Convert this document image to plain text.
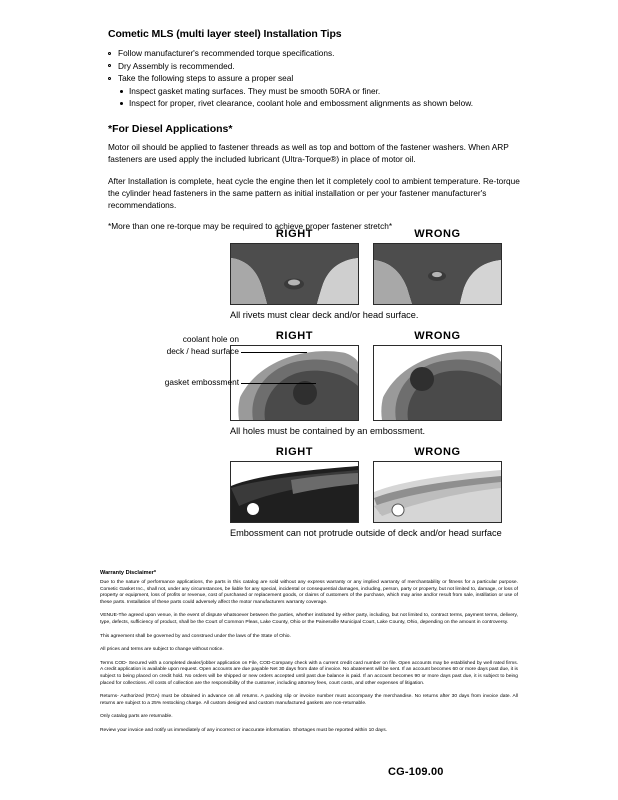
Cometic MLS (multi layer steel) Installation Tips
Follow manufacturer's recommended torque specifications.
Dry Assembly is recommended.
Take the following steps to assure a proper seal
Inspect gasket mating surfaces. They must be smooth 50RA or finer.
Inspect for proper, rivet clearance, coolant hole and embossment alignments as shown below.
*For Diesel Applications*

Motor oil should be applied to fastener threads as well as top and bottom of the fastener washers. When ARP fasteners are used apply the included lubricant (Ultra-Torque®) in place of motor oil.

After Installation is complete, heat cycle the engine then let it completely cool to ambient temperature. Re-torque the cylinder head fasteners in the same pattern as initial installation or per your fastener manufacturer's recommendations.

*More than one re-torque may be required to achieve proper fastener stretch*

RIGHT	WRONG
All rivets must clear deck and/or head surface.
RIGHT	WRONG
All holes must be contained by an embossment.
RIGHT	WRONG
Embossment can not protrude outside of deck and/or head surface
coolant hole on
deck / head surface
gasket embossment
Warranty Disclaimer*

Due to the nature of performance applications, the parts in this catalog are sold without any express warranty or any implied warranty of merchantability or fitness for a particular purpose. Cometic Gasket Inc., shall not, under any circumstances, be liable for any special, incidental or consequential damages, including, person, party or property, but not limited to, damage, or loss of property or equipment, loss of profits or revenue, cost of purchased or replacement goods, or claims of customers of the purchase, which may arise and/or result from sale, instillation or use of these parts. Installation of these parts could adversely affect the motor manufacturers warranty coverage.

VENUE-The agreed upon venue, in the event of dispute whatsoever between the parties, whether instituted by either party, including, but not limited to, contract terms, payment terms, delivery, type, defects, sufficiency of product, shall be the Court of Common Pleas, Lake County, Ohio or the Painesville Municipal Court, Lake County, Ohio, depending on the amount in controversy.

This agreement shall be governed by and construed under the laws of the State of Ohio.

All prices and terms are subject to change without notice.

Terms COD- Secured with a completed dealer/jobber application on File, COD-Company check with a current credit card number on file. Open accounts may be established by well rated firms. A credit application is available upon request. Open accounts are due payable Net 30 days from date of invoice. No abatement will be sent. If an account becomes 60 or more days past due, it is subject to being placed on credit hold. No orders will be shipped or new orders accepted until past due balance is paid. If an account becomes 90 or more days past due, it is subject to being placed for collections. All costs of collection are the responsibility of the customer, including attorney fees, court costs, and other expenses of litigation.

Returns- Authorized (RGA) must be obtained in advance on all returns. A packing slip or invoice number must accompany the merchandise. No returns after 30 days from invoice date. All returns are subject to a 25% restocking charge. All custom designed and custom manufactured gaskets are non-returnable.

Only catalog parts are returnable.

Review your invoice and notify us immediately of any incorrect or inaccurate information. Shortages must be reported within 10 days.

CG-109.00
